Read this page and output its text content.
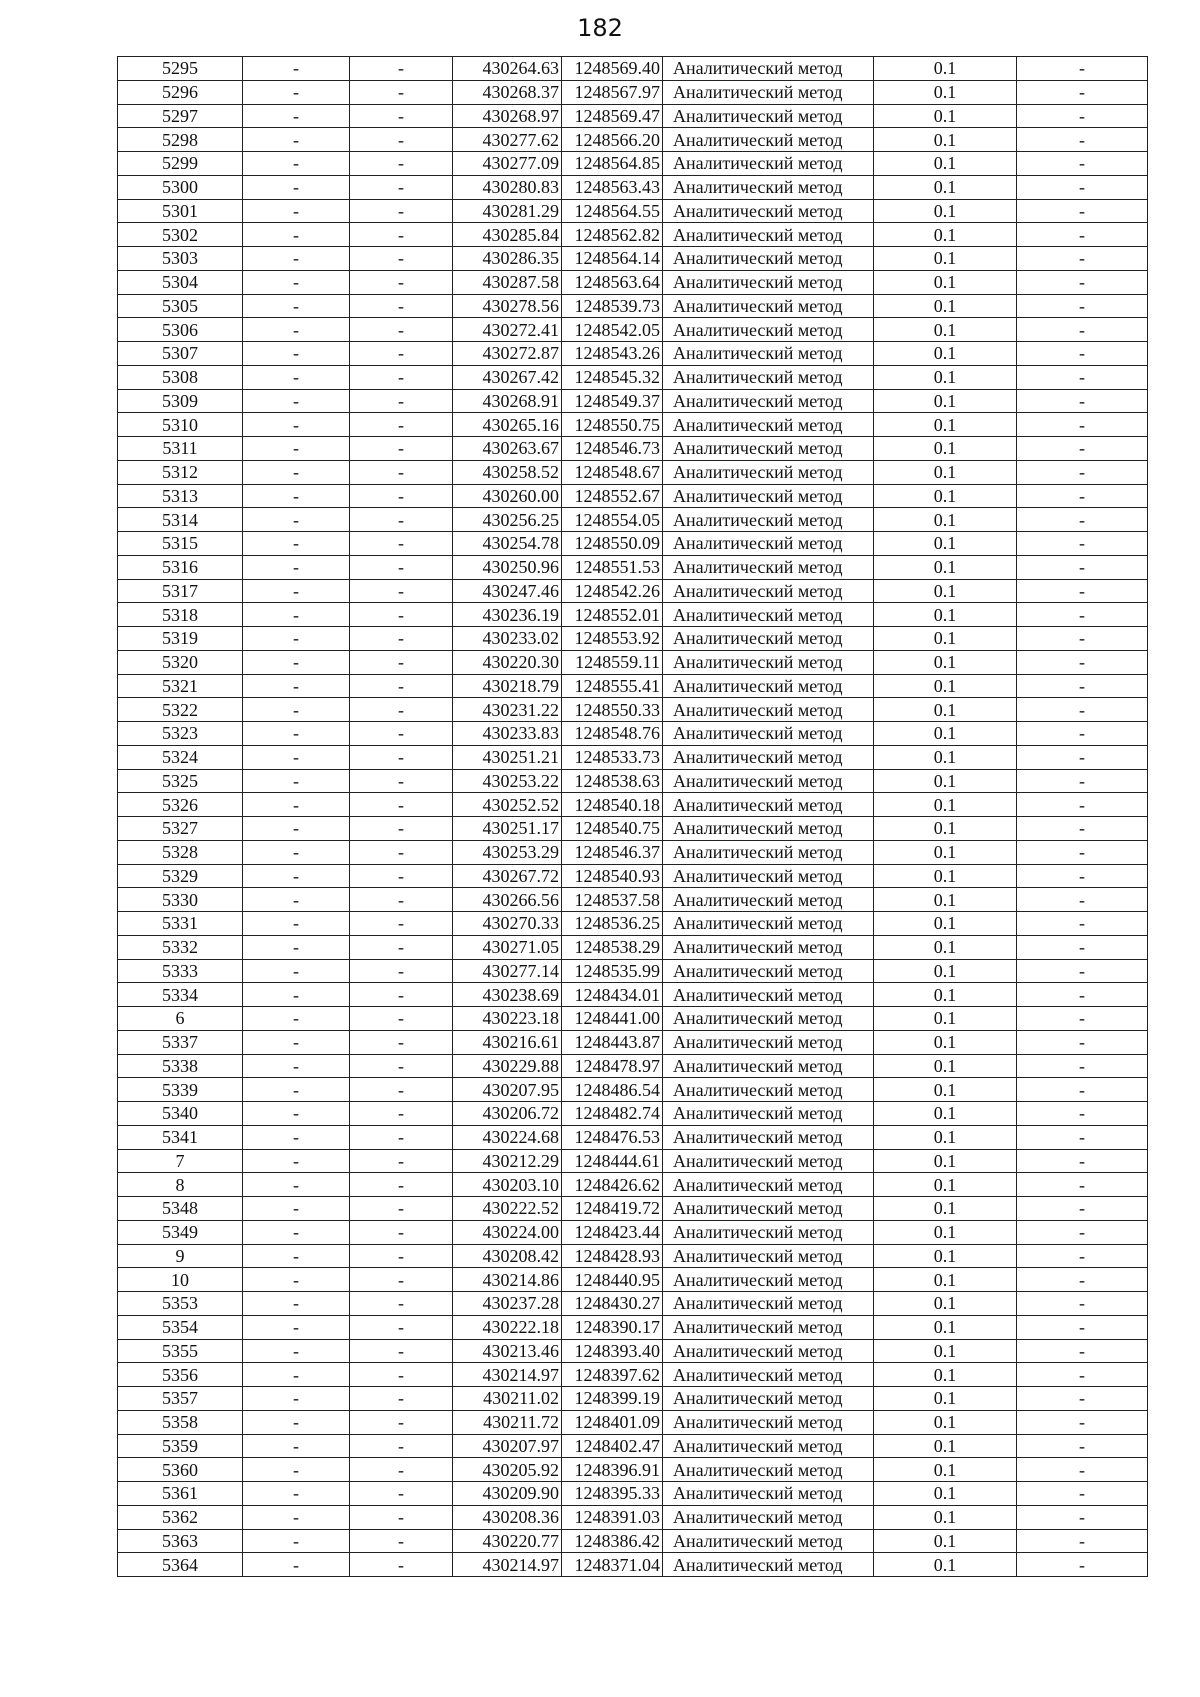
182
5295	-	-	430264.63	1248569.40	Аналитический метод	0.1	-
5296	-	-	430268.37	1248567.97	Аналитический метод	0.1	-
5297	-	-	430268.97	1248569.47	Аналитический метод	0.1	-
5298	-	-	430277.62	1248566.20	Аналитический метод	0.1	-
5299	-	-	430277.09	1248564.85	Аналитический метод	0.1	-
5300	-	-	430280.83	1248563.43	Аналитический метод	0.1	-
5301	-	-	430281.29	1248564.55	Аналитический метод	0.1	-
5302	-	-	430285.84	1248562.82	Аналитический метод	0.1	-
5303	-	-	430286.35	1248564.14	Аналитический метод	0.1	-
5304	-	-	430287.58	1248563.64	Аналитический метод	0.1	-
5305	-	-	430278.56	1248539.73	Аналитический метод	0.1	-
5306	-	-	430272.41	1248542.05	Аналитический метод	0.1	-
5307	-	-	430272.87	1248543.26	Аналитический метод	0.1	-
5308	-	-	430267.42	1248545.32	Аналитический метод	0.1	-
5309	-	-	430268.91	1248549.37	Аналитический метод	0.1	-
5310	-	-	430265.16	1248550.75	Аналитический метод	0.1	-
5311	-	-	430263.67	1248546.73	Аналитический метод	0.1	-
5312	-	-	430258.52	1248548.67	Аналитический метод	0.1	-
5313	-	-	430260.00	1248552.67	Аналитический метод	0.1	-
5314	-	-	430256.25	1248554.05	Аналитический метод	0.1	-
5315	-	-	430254.78	1248550.09	Аналитический метод	0.1	-
5316	-	-	430250.96	1248551.53	Аналитический метод	0.1	-
5317	-	-	430247.46	1248542.26	Аналитический метод	0.1	-
5318	-	-	430236.19	1248552.01	Аналитический метод	0.1	-
5319	-	-	430233.02	1248553.92	Аналитический метод	0.1	-
5320	-	-	430220.30	1248559.11	Аналитический метод	0.1	-
5321	-	-	430218.79	1248555.41	Аналитический метод	0.1	-
5322	-	-	430231.22	1248550.33	Аналитический метод	0.1	-
5323	-	-	430233.83	1248548.76	Аналитический метод	0.1	-
5324	-	-	430251.21	1248533.73	Аналитический метод	0.1	-
5325	-	-	430253.22	1248538.63	Аналитический метод	0.1	-
5326	-	-	430252.52	1248540.18	Аналитический метод	0.1	-
5327	-	-	430251.17	1248540.75	Аналитический метод	0.1	-
5328	-	-	430253.29	1248546.37	Аналитический метод	0.1	-
5329	-	-	430267.72	1248540.93	Аналитический метод	0.1	-
5330	-	-	430266.56	1248537.58	Аналитический метод	0.1	-
5331	-	-	430270.33	1248536.25	Аналитический метод	0.1	-
5332	-	-	430271.05	1248538.29	Аналитический метод	0.1	-
5333	-	-	430277.14	1248535.99	Аналитический метод	0.1	-
5334	-	-	430238.69	1248434.01	Аналитический метод	0.1	-
6	-	-	430223.18	1248441.00	Аналитический метод	0.1	-
5337	-	-	430216.61	1248443.87	Аналитический метод	0.1	-
5338	-	-	430229.88	1248478.97	Аналитический метод	0.1	-
5339	-	-	430207.95	1248486.54	Аналитический метод	0.1	-
5340	-	-	430206.72	1248482.74	Аналитический метод	0.1	-
5341	-	-	430224.68	1248476.53	Аналитический метод	0.1	-
7	-	-	430212.29	1248444.61	Аналитический метод	0.1	-
8	-	-	430203.10	1248426.62	Аналитический метод	0.1	-
5348	-	-	430222.52	1248419.72	Аналитический метод	0.1	-
5349	-	-	430224.00	1248423.44	Аналитический метод	0.1	-
9	-	-	430208.42	1248428.93	Аналитический метод	0.1	-
10	-	-	430214.86	1248440.95	Аналитический метод	0.1	-
5353	-	-	430237.28	1248430.27	Аналитический метод	0.1	-
5354	-	-	430222.18	1248390.17	Аналитический метод	0.1	-
5355	-	-	430213.46	1248393.40	Аналитический метод	0.1	-
5356	-	-	430214.97	1248397.62	Аналитический метод	0.1	-
5357	-	-	430211.02	1248399.19	Аналитический метод	0.1	-
5358	-	-	430211.72	1248401.09	Аналитический метод	0.1	-
5359	-	-	430207.97	1248402.47	Аналитический метод	0.1	-
5360	-	-	430205.92	1248396.91	Аналитический метод	0.1	-
5361	-	-	430209.90	1248395.33	Аналитический метод	0.1	-
5362	-	-	430208.36	1248391.03	Аналитический метод	0.1	-
5363	-	-	430220.77	1248386.42	Аналитический метод	0.1	-
5364	-	-	430214.97	1248371.04	Аналитический метод	0.1	-
